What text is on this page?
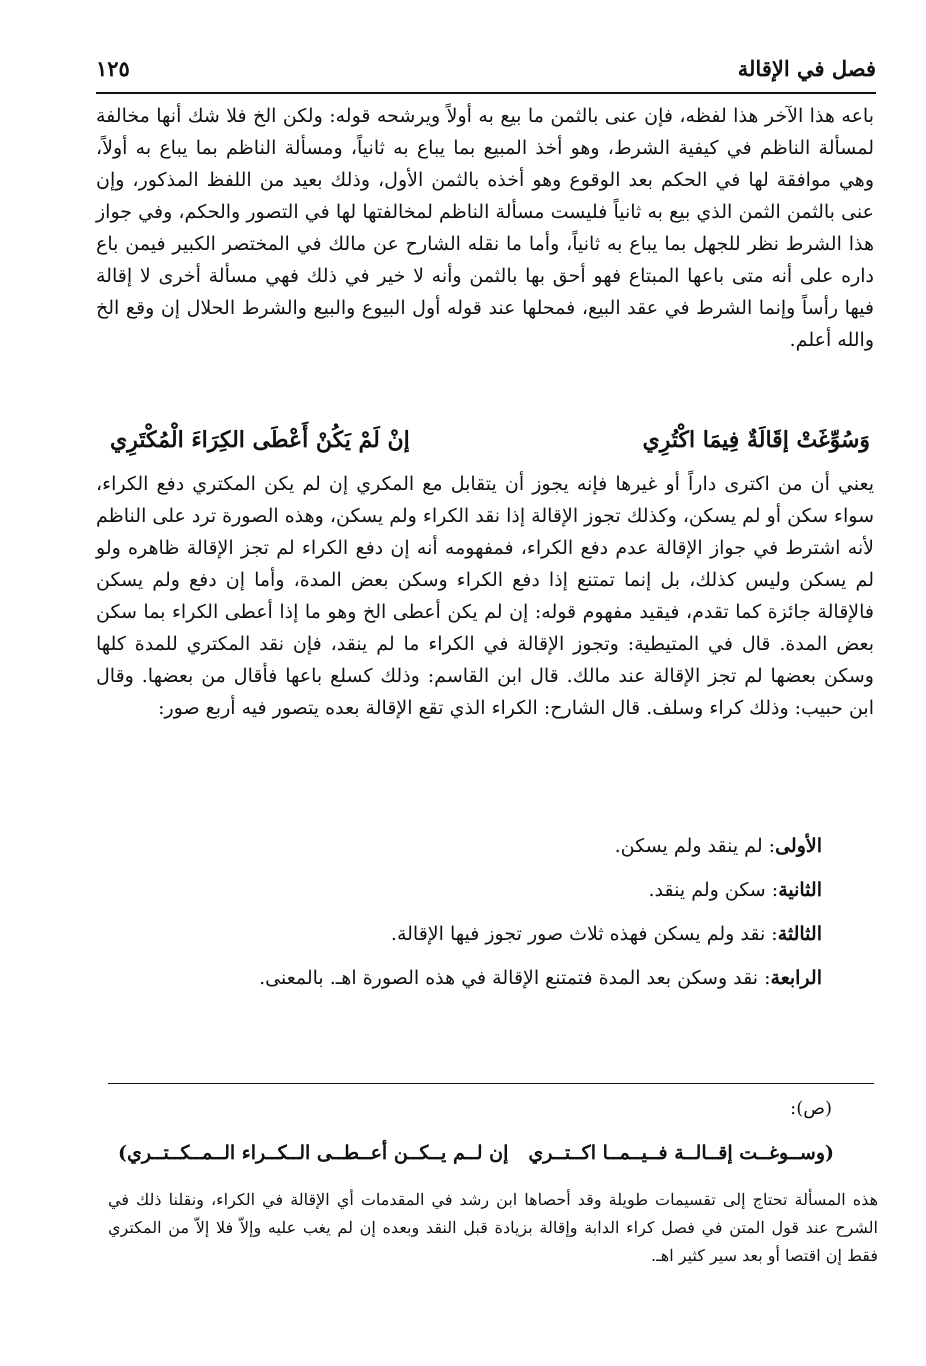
فصل في الإقالة
١٢٥

باعه هذا الآخر هذا لفظه، فإن عنى بالثمن ما بيع به أولاً ويرشحه قوله: ولكن الخ فلا شك أنها مخالفة لمسألة الناظم في كيفية الشرط، وهو أخذ المبيع بما يباع به ثانياً، ومسألة الناظم بما يباع به أولاً، وهي موافقة لها في الحكم بعد الوقوع وهو أخذه بالثمن الأول، وذلك بعيد من اللفظ المذكور، وإن عنى بالثمن الثمن الذي بيع به ثانياً فليست مسألة الناظم لمخالفتها لها في التصور والحكم، وفي جواز هذا الشرط نظر للجهل بما يباع به ثانياً، وأما ما نقله الشارح عن مالك في المختصر الكبير فيمن باع داره على أنه متى باعها المبتاع فهو أحق بها بالثمن وأنه لا خير في ذلك فهي مسألة أخرى لا إقالة فيها رأساً وإنما الشرط في عقد البيع، فمحلها عند قوله أول البيوع والبيع والشرط الحلال إن وقع الخ والله أعلم.

وَسُوِّغَتْ إقَالَةٌ فِيمَا اكْتُرِي
إنْ لَمْ يَكُنْ أَعْطَى الكِرَاءَ الْمُكْتَرِي

يعني أن من اكترى داراً أو غيرها فإنه يجوز أن يتقابل مع المكري إن لم يكن المكتري دفع الكراء، سواء سكن أو لم يسكن، وكذلك تجوز الإقالة إذا نقد الكراء ولم يسكن، وهذه الصورة ترد على الناظم لأنه اشترط في جواز الإقالة عدم دفع الكراء، فمفهومه أنه إن دفع الكراء لم تجز الإقالة ظاهره ولو لم يسكن وليس كذلك، بل إنما تمتنع إذا دفع الكراء وسكن بعض المدة، وأما إن دفع ولم يسكن فالإقالة جائزة كما تقدم، فيقيد مفهوم قوله: إن لم يكن أعطى الخ وهو ما إذا أعطى الكراء بما سكن بعض المدة. قال في المتيطية: وتجوز الإقالة في الكراء ما لم ينقد، فإن نقد المكتري للمدة كلها وسكن بعضها لم تجز الإقالة عند مالك. قال ابن القاسم: وذلك كسلع باعها فأقال من بعضها. وقال ابن حبيب: وذلك كراء وسلف. قال الشارح: الكراء الذي تقع الإقالة بعده يتصور فيه أربع صور:

الأولى: لم ينقد ولم يسكن.
الثانية: سكن ولم ينقد.
الثالثة: نقد ولم يسكن فهذه ثلاث صور تجوز فيها الإقالة.
الرابعة: نقد وسكن بعد المدة فتمتنع الإقالة في هذه الصورة اهـ. بالمعنى.
(ص):
(وســوغــت إقــالــة فــيــمــا اكــتــري
إن لــم يــكــن أعــطــى الــكــراء الــمــكــتــري)

هذه المسألة تحتاج إلى تقسيمات طويلة وقد أحصاها ابن رشد في المقدمات أي الإقالة في الكراء، ونقلنا ذلك في الشرح عند قول المتن في فصل كراء الدابة وإقالة بزيادة قبل النقد وبعده إن لم يغب عليه وإلاّ فلا إلاّ من المكتري فقط إن اقتصا أو بعد سير كثير اهـ.
